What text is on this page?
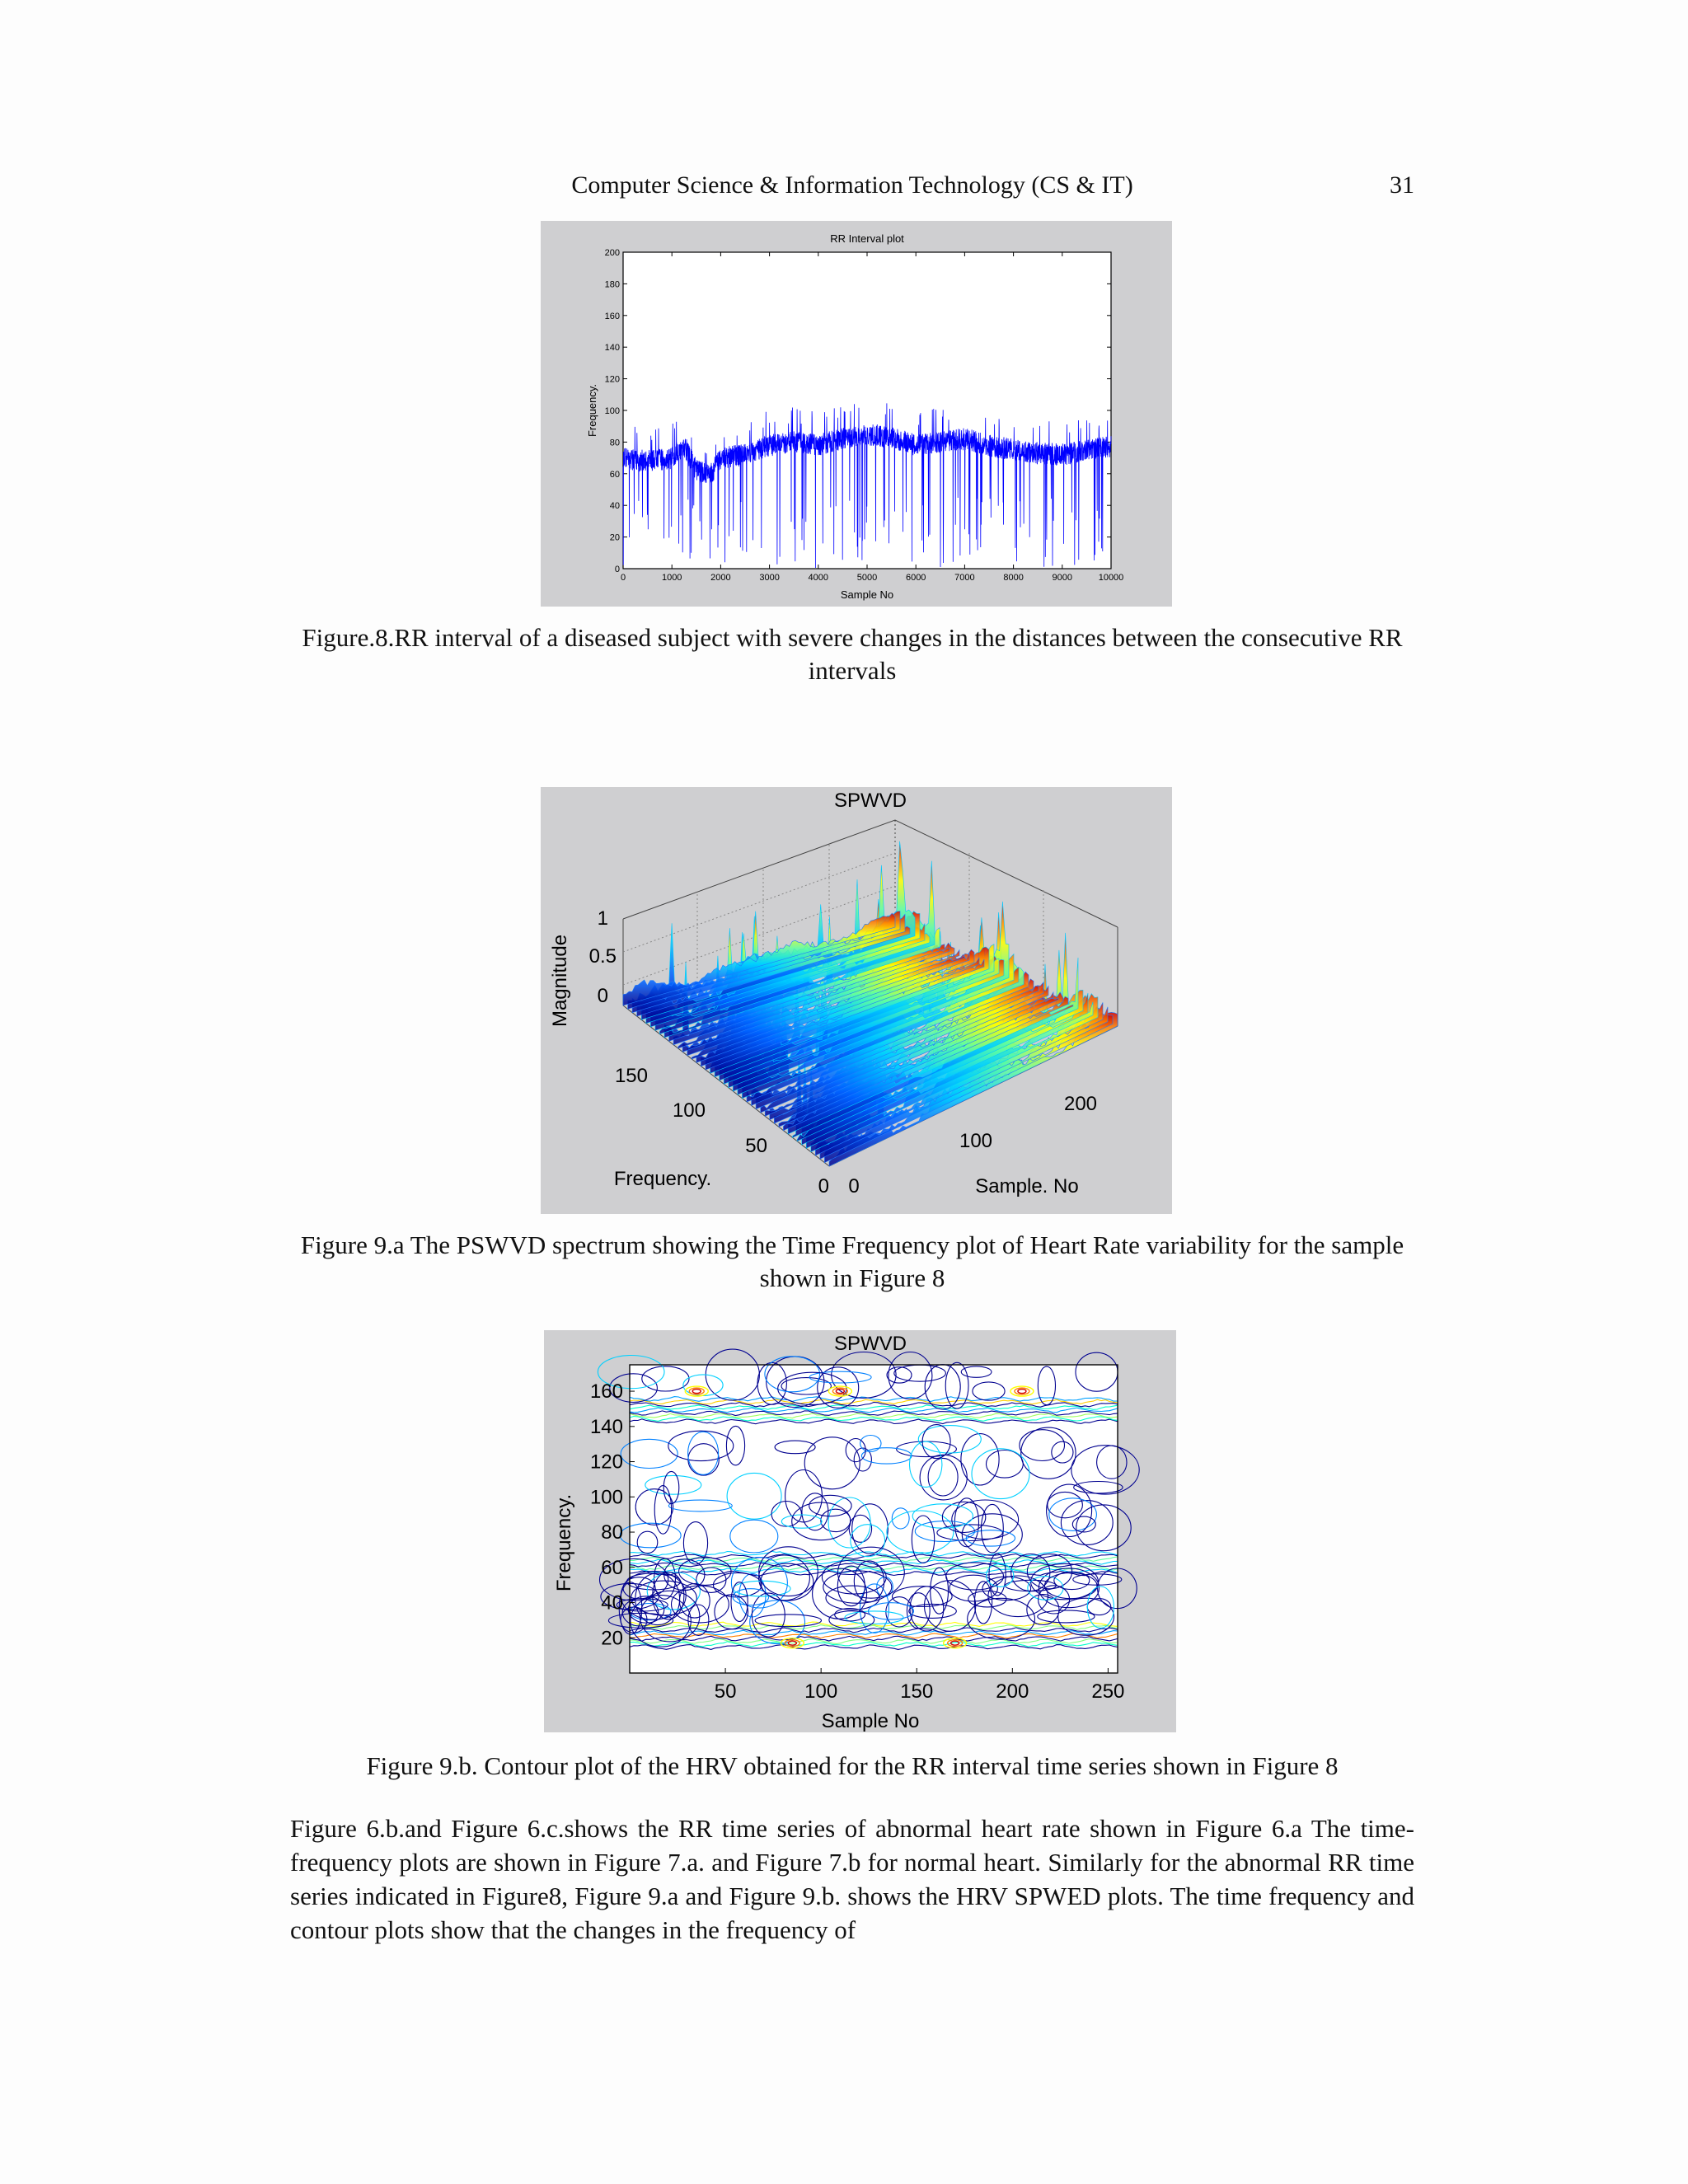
Computer Science & Information Technology (CS & IT)	31
RR Interval plot
Sample No
Frequency.
0	1000	2000	3000	4000	5000	6000	7000	8000	9000	10000
0
20
40
60
80
100
120
140
160
180
200
Figure.8.RR interval of a diseased subject with severe changes in the distances between the consecutive RR intervals
SPWVD
1
0.5
0
150
100
50
0 0
100
200
Magnitude
Frequency.	Sample. No
Figure 9.a The PSWVD spectrum showing the Time Frequency plot of Heart Rate variability for the sample shown in Figure 8
SPWVD
50	100	150	200	250
20
40
60
80
100
120
140
160
Sample No
Frequency.
Figure 9.b. Contour plot of the HRV obtained for the RR interval time series shown in Figure 8
Figure 6.b.and Figure 6.c.shows the RR time series of abnormal heart rate shown in Figure 6.a The time-frequency plots are shown in Figure 7.a. and Figure 7.b for normal heart. Similarly for the abnormal RR time series indicated in Figure8, Figure 9.a and Figure 9.b. shows the HRV SPWED plots. The time frequency and contour plots show that the changes in the frequency of
